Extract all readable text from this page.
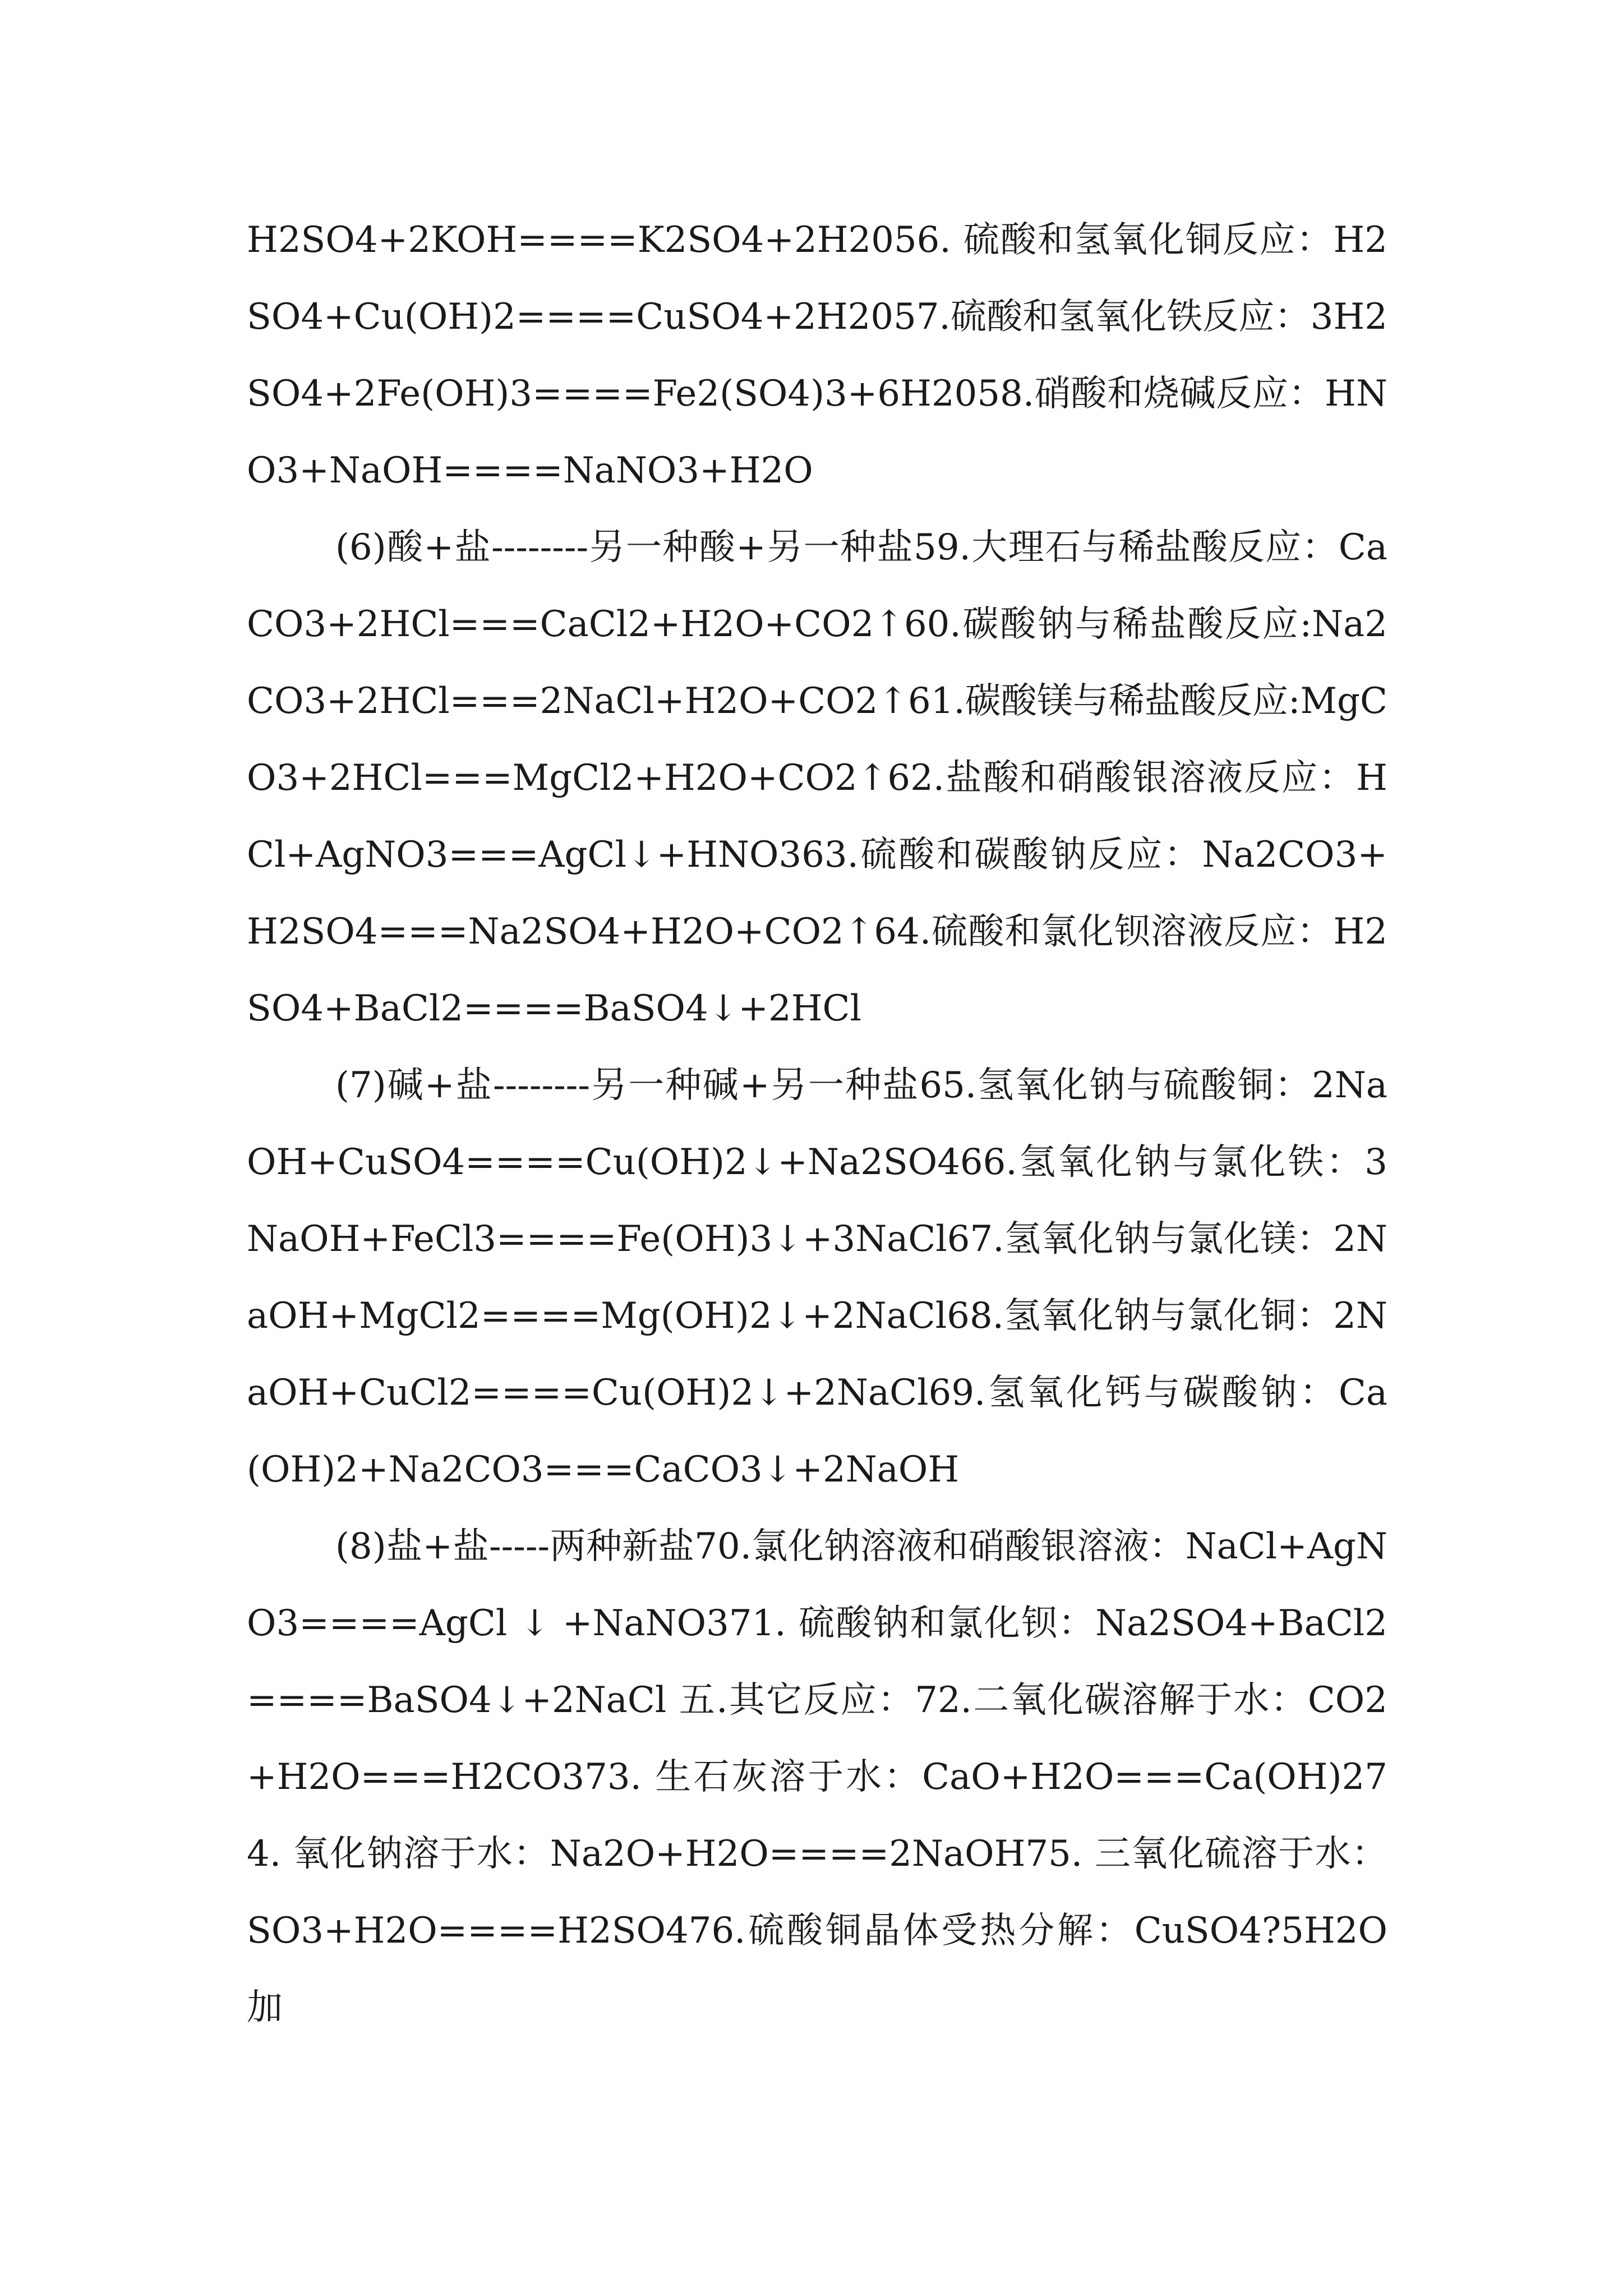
H2SO4+2KOH====K2SO4+2H2056. 硫酸和氢氧化铜反应：H2SO4+Cu(OH)2====CuSO4+2H2057.硫酸和氢氧化铁反应：3H2SO4+2Fe(OH)3====Fe2(SO4)3+6H2058.硝酸和烧碱反应：HNO3+NaOH====NaNO3+H2O

(6)酸+盐--------另一种酸+另一种盐59.大理石与稀盐酸反应：CaCO3+2HCl===CaCl2+H2O+CO2↑60.碳酸钠与稀盐酸反应:Na2CO3+2HCl===2NaCl+H2O+CO2↑61.碳酸镁与稀盐酸反应:MgCO3+2HCl===MgCl2+H2O+CO2↑62.盐酸和硝酸银溶液反应：HCl+AgNO3===AgCl↓+HNO363.硫酸和碳酸钠反应：Na2CO3+H2SO4===Na2SO4+H2O+CO2↑64.硫酸和氯化钡溶液反应：H2SO4+BaCl2====BaSO4↓+2HCl

(7)碱+盐--------另一种碱+另一种盐65.氢氧化钠与硫酸铜：2NaOH+CuSO4====Cu(OH)2↓+Na2SO466.氢氧化钠与氯化铁：3NaOH+FeCl3====Fe(OH)3↓+3NaCl67.氢氧化钠与氯化镁：2NaOH+MgCl2====Mg(OH)2↓+2NaCl68.氢氧化钠与氯化铜：2NaOH+CuCl2====Cu(OH)2↓+2NaCl69.氢氧化钙与碳酸钠：Ca(OH)2+Na2CO3===CaCO3↓+2NaOH

(8)盐+盐-----两种新盐70.氯化钠溶液和硝酸银溶液：NaCl+AgNO3====AgCl ↓ +NaNO371. 硫酸钠和氯化钡：Na2SO4+BaCl2====BaSO4↓+2NaCl 五.其它反应：72.二氧化碳溶解于水：CO2+H2O===H2CO373. 生石灰溶于水：CaO+H2O===Ca(OH)274. 氧化钠溶于水：Na2O+H2O====2NaOH75. 三氧化硫溶于水：SO3+H2O====H2SO476.硫酸铜晶体受热分解：CuSO4?5H2O 加
